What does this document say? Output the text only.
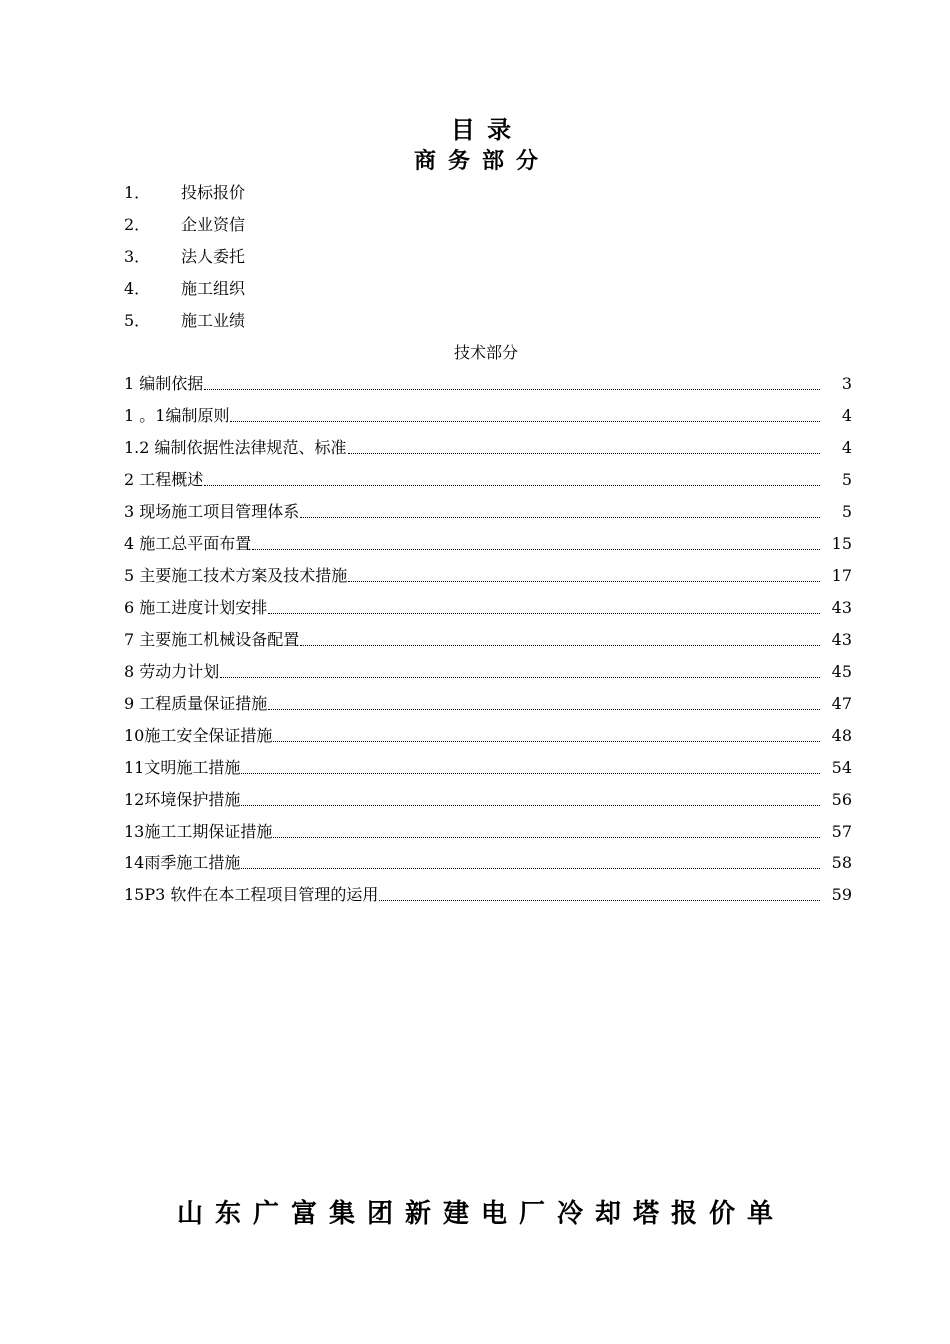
目 录
商务部分
1． 投标报价
2． 企业资信
3． 法人委托
4． 施工组织
5． 施工业绩
技术部分
1 编制依据	3
1 。1编制原则	4
1.2 编制依据性法律规范、标准	4
2 工程概述	5
3 现场施工项目管理体系	5
4 施工总平面布置	15
5 主要施工技术方案及技术措施	17
6 施工进度计划安排	43
7 主要施工机械设备配置	43
8 劳动力计划	45
9 工程质量保证措施	47
10施工安全保证措施	48
11文明施工措施	54
12环境保护措施	56
13施工工期保证措施	57
14雨季施工措施	58
15P3 软件在本工程项目管理的运用	59
山东广富集团新建电厂冷却塔报价单
